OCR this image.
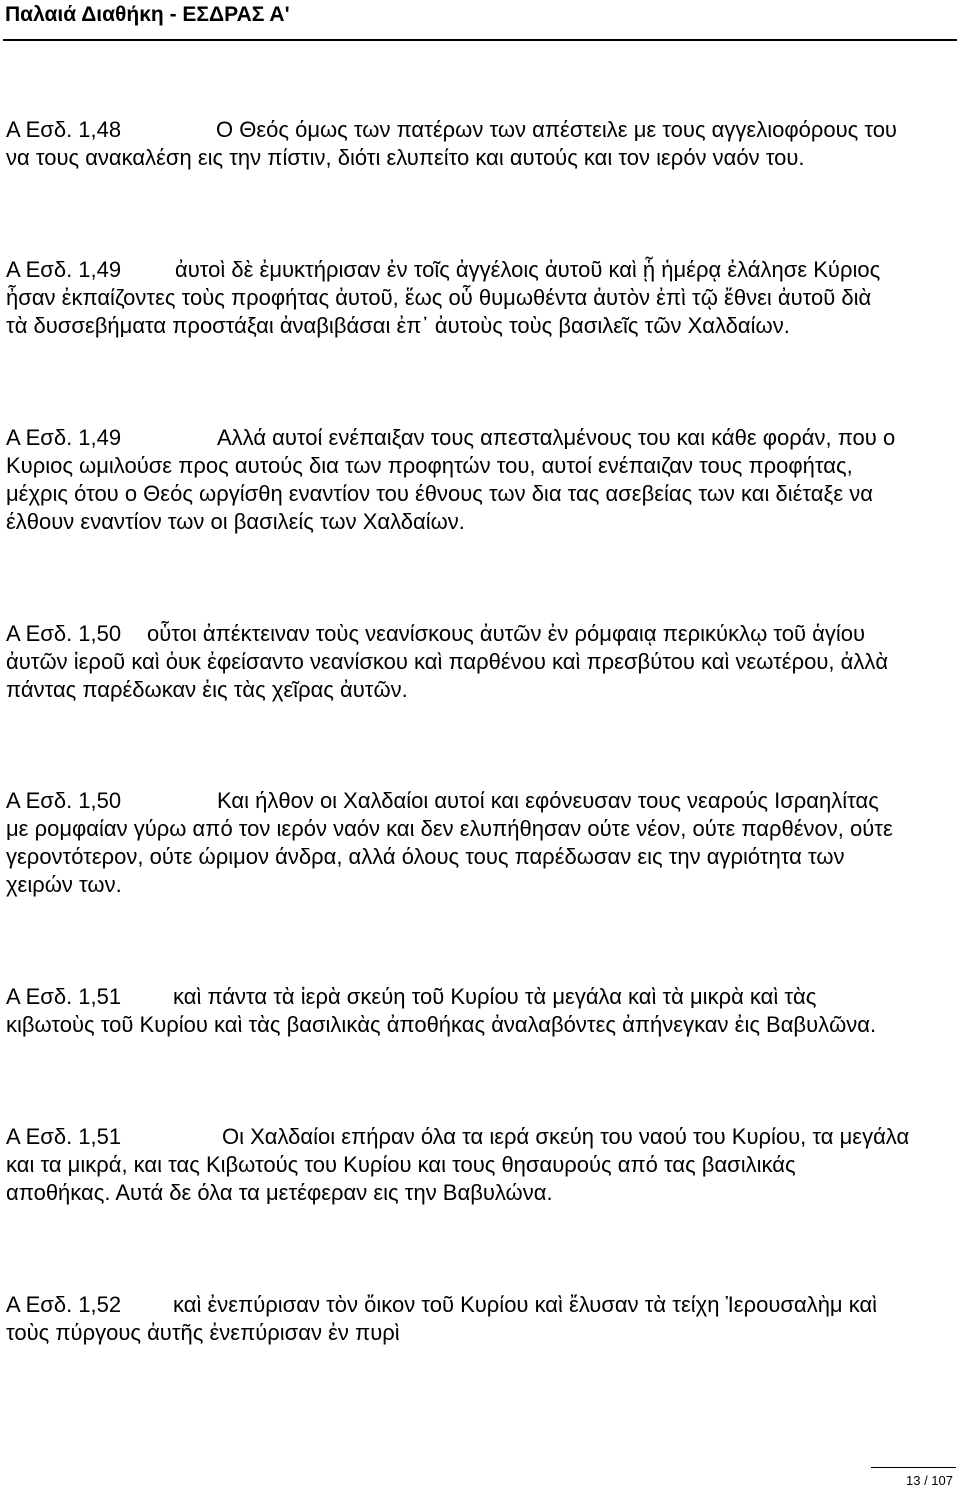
Παλαιά Διαθήκη - ΕΣΔΡΑΣ Α'
Α Εσδ. 1,48	Ο Θεός όμως των πατέρων των απέστειλε με τους αγγελιοφόρους του
να τους ανακαλέση εις την πίστιν, διότι ελυπείτο και αυτούς και τον ιερόν ναόν του.
Α Εσδ. 1,49 ἀυτοὶ δὲ ἐμυκτήρισαν ἐν τοῖς ἀγγέλοις ἀυτοῦ καὶ ᾗ ἡμέρᾳ ἐλάλησε Κύριος
ἦσαν ἐκπαίζοντες τοὺς προφήτας ἀυτοῦ, ἕως οὗ θυμωθέντα ἀυτὸν ἐπὶ τῷ ἔθνει ἀυτοῦ διὰ
τὰ δυσσεβήματα προστάξαι ἀναβιβάσαι ἐπ᾽ ἀυτοὺς τοὺς βασιλεῖς τῶν Χαλδαίων.
Α Εσδ. 1,49	Αλλά αυτοί ενέπαιξαν τους απεσταλμένους του και κάθε φοράν, που ο
Κυριος ωμιλούσε προς αυτούς δια των προφητών του, αυτοί ενέπαιζαν τους προφήτας,
μέχρις ότου ο Θεός ωργίσθη εναντίον του έθνους των δια τας ασεβείας των και διέταξε να
έλθουν εναντίον των οι βασιλείς των Χαλδαίων.
Α Εσδ. 1,50 οὗτοι ἀπέκτειναν τοὺς νεανίσκους ἀυτῶν ἐν ρόμφαιᾳ περικύκλῳ τοῦ ἁγίου
ἀυτῶν ἱεροῦ καὶ ὀυκ ἐφείσαντο νεανίσκου καὶ παρθένου καὶ πρεσβύτου καὶ νεωτέρου, ἀλλὰ
πάντας παρέδωκαν ἐις τὰς χεῖρας ἀυτῶν.
Α Εσδ. 1,50	Και ήλθον οι Χαλδαίοι αυτοί και εφόνευσαν τους νεαρούς Ισραηλίτας
με ρομφαίαν γύρω από τον ιερόν ναόν και δεν ελυπήθησαν ούτε νέον, ούτε παρθένον, ούτε
γεροντότερον, ούτε ώριμον άνδρα, αλλά όλους τους παρέδωσαν εις την αγριότητα των
χειρών των.
Α Εσδ. 1,51 καὶ πάντα τὰ ἱερὰ σκεύη τοῦ Κυρίου τὰ μεγάλα καὶ τὰ μικρὰ καὶ τὰς
κιβωτοὺς τοῦ Κυρίου καὶ τὰς βασιλικὰς ἀποθήκας ἀναλαβόντες ἀπήνεγκαν ἐις Βαβυλῶνα.
Α Εσδ. 1,51	Οι Χαλδαίοι επήραν όλα τα ιερά σκεύη του ναού του Κυρίου, τα μεγάλα
και τα μικρά, και τας Κιβωτούς του Κυρίου και τους θησαυρούς από τας βασιλικάς
αποθήκας. Αυτά δε όλα τα μετέφεραν εις την Βαβυλώνα.
Α Εσδ. 1,52 καὶ ἐνεπύρισαν τὸν ὄικον τοῦ Κυρίου καὶ ἔλυσαν τὰ τείχη Ἰερουσαλὴμ καὶ
τοὺς πύργους ἀυτῆς ἐνεπύρισαν ἐν πυρὶ
13 / 107
